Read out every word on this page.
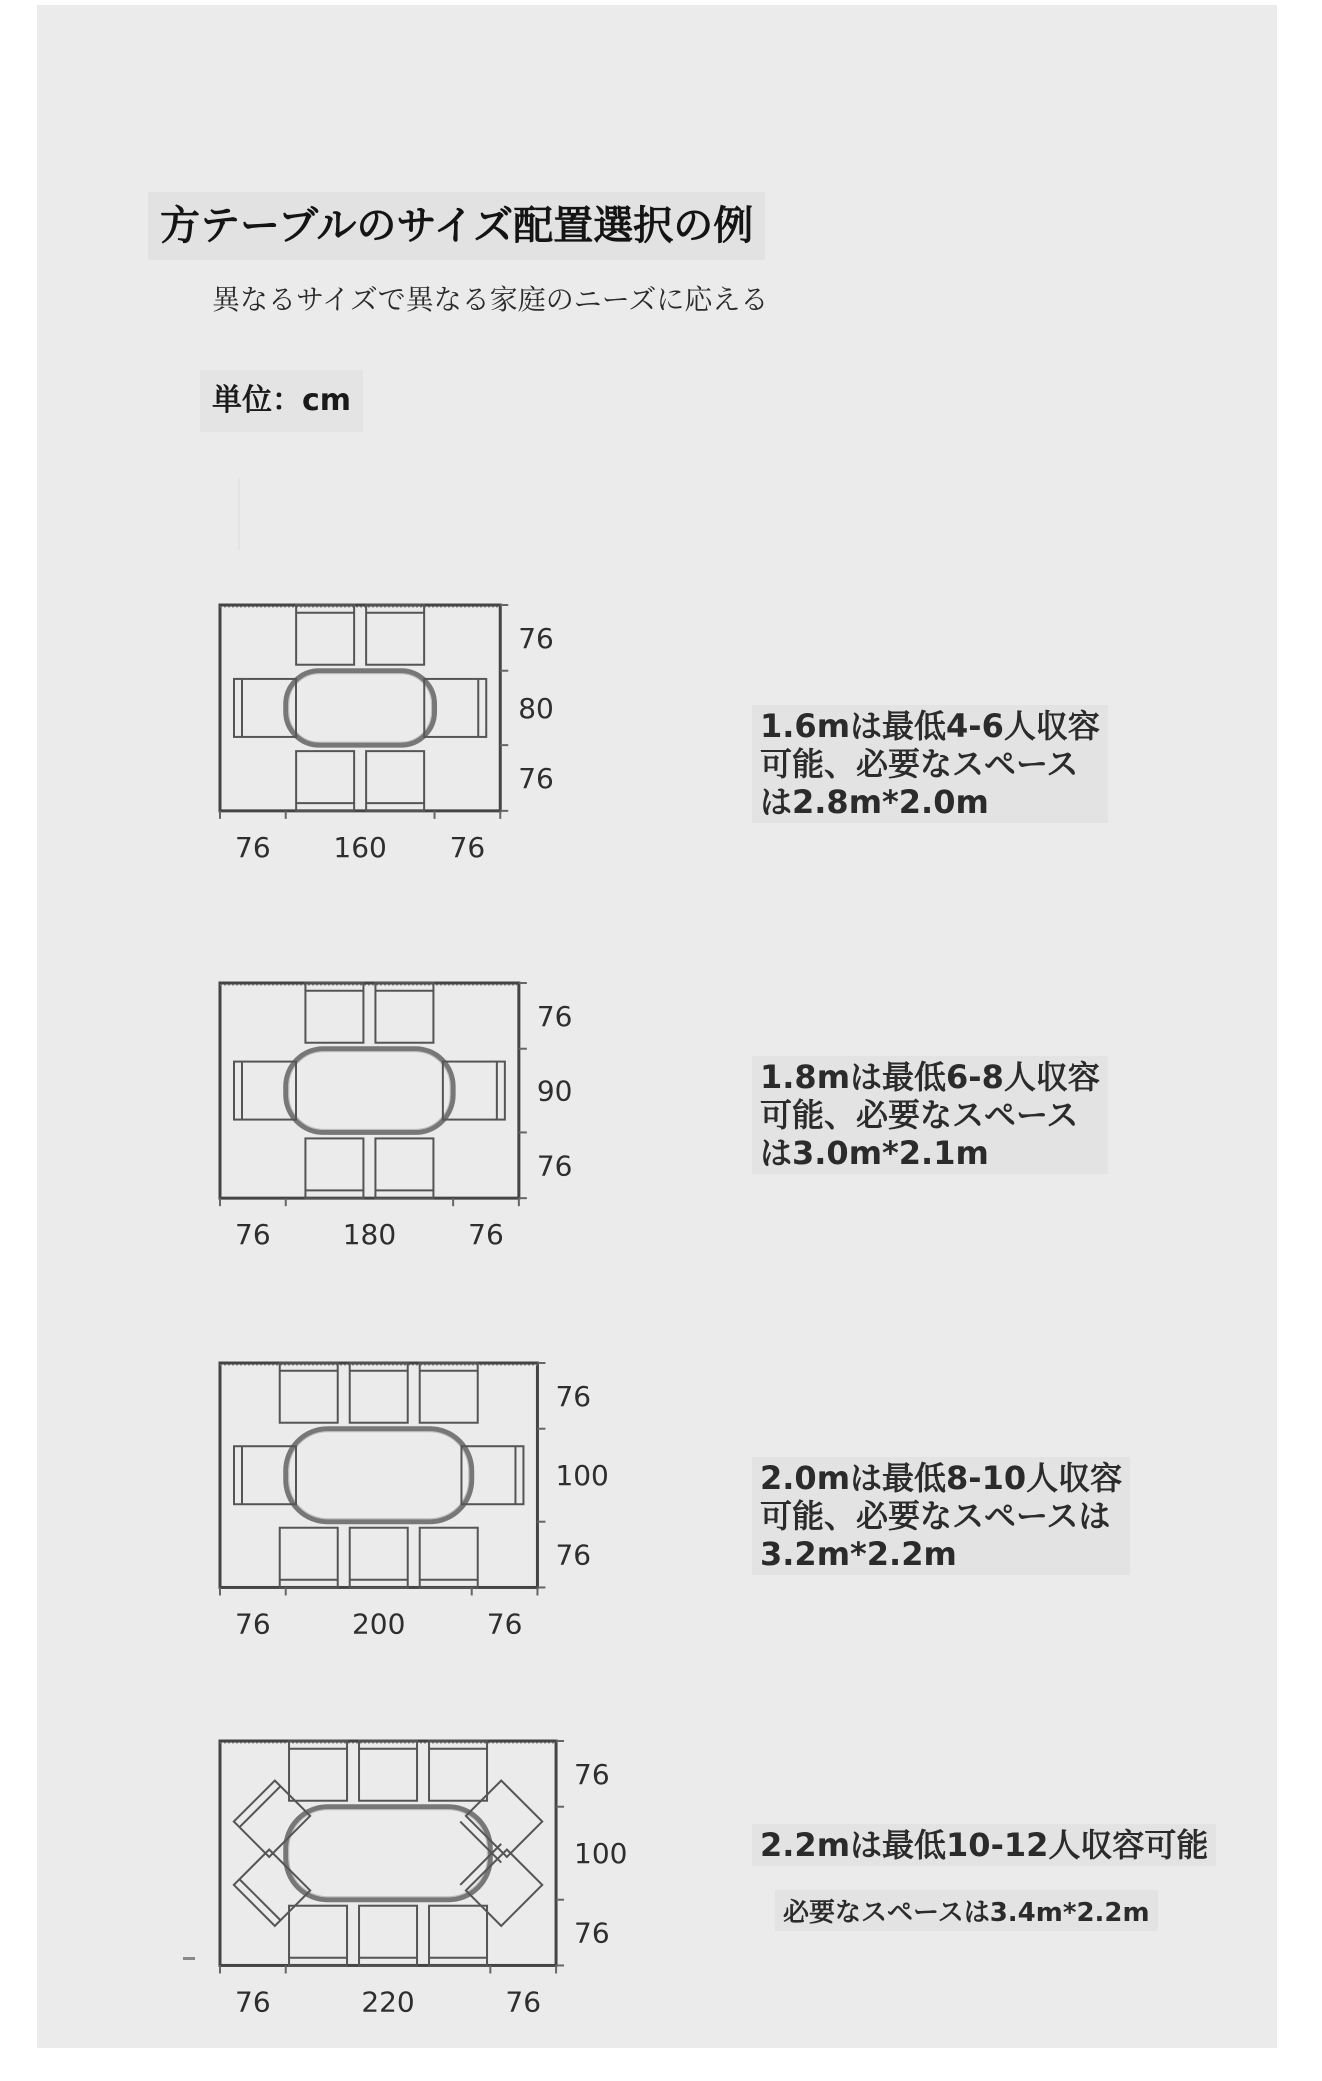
方テーブルのサイズ配置選択の例
異なるサイズで異なる家庭のニーズに応える
単位：cm
76 160 76
76
80
76
1.6mは最低4-6人収容
可能、必要なスペース
は2.8m*2.0m
76	180	76
76
90
76
1.8mは最低6-8人収容
可能、必要なスペース
は3.0m*2.1m
76	200	76
76
100
76
2.0mは最低8-10人収容
可能、必要なスペースは
3.2m*2.2m
76	220	76
76
100
76
2.2mは最低10-12人収容可能
必要なスペースは3.4m*2.2m
